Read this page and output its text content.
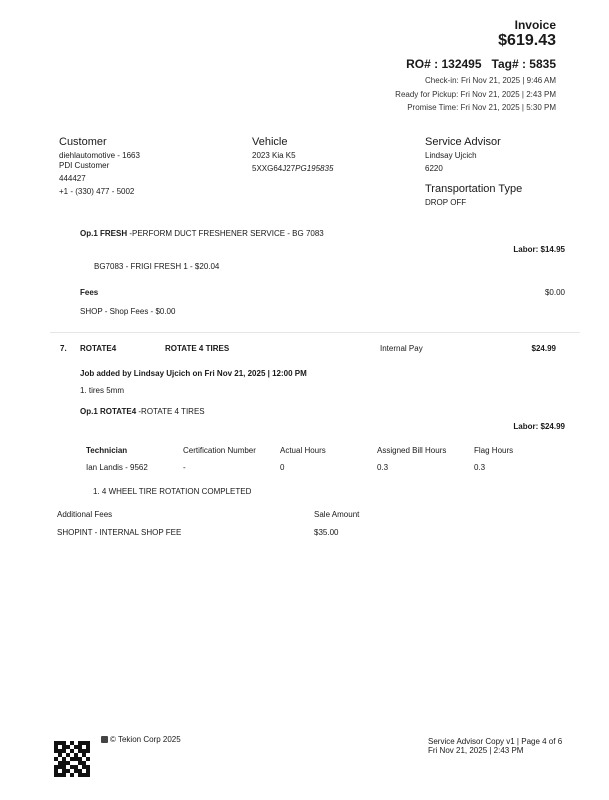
Invoice
$619.43
RO# : 132495   Tag# : 5835
Check-in: Fri Nov 21, 2025 | 9:46 AM
Ready for Pickup: Fri Nov 21, 2025 | 2:43 PM
Promise Time: Fri Nov 21, 2025 | 5:30 PM
Customer
diehlautomotive - 1663
PDI Customer
444427
+1 - (330) 477 - 5002
Vehicle
2023 Kia K5
5XXG64J27PG195835
Service Advisor
Lindsay Ujcich
6220
Transportation Type
DROP OFF
Op.1 FRESH -PERFORM DUCT FRESHENER SERVICE - BG 7083
Labor: $14.95
BG7083 - FRIGI FRESH 1 - $20.04
Fees	$0.00
SHOP - Shop Fees - $0.00
7. ROTATE4	ROTATE 4 TIRES	Internal Pay	$24.99
Job added by Lindsay Ujcich on Fri Nov 21, 2025 | 12:00 PM
1. tires 5mm
Op.1 ROTATE4 -ROTATE 4 TIRES
Labor: $24.99
Technician	Certification Number	Actual Hours	Assigned Bill Hours	Flag Hours
Ian Landis - 9562	-	0	0.3	0.3
1. 4 WHEEL TIRE ROTATION COMPLETED
Additional Fees	Sale Amount
SHOPINT - INTERNAL SHOP FEE	$35.00
© Tekion Corp 2025	Service Advisor Copy v1 | Page 4 of 6
Fri Nov 21, 2025 | 2:43 PM
